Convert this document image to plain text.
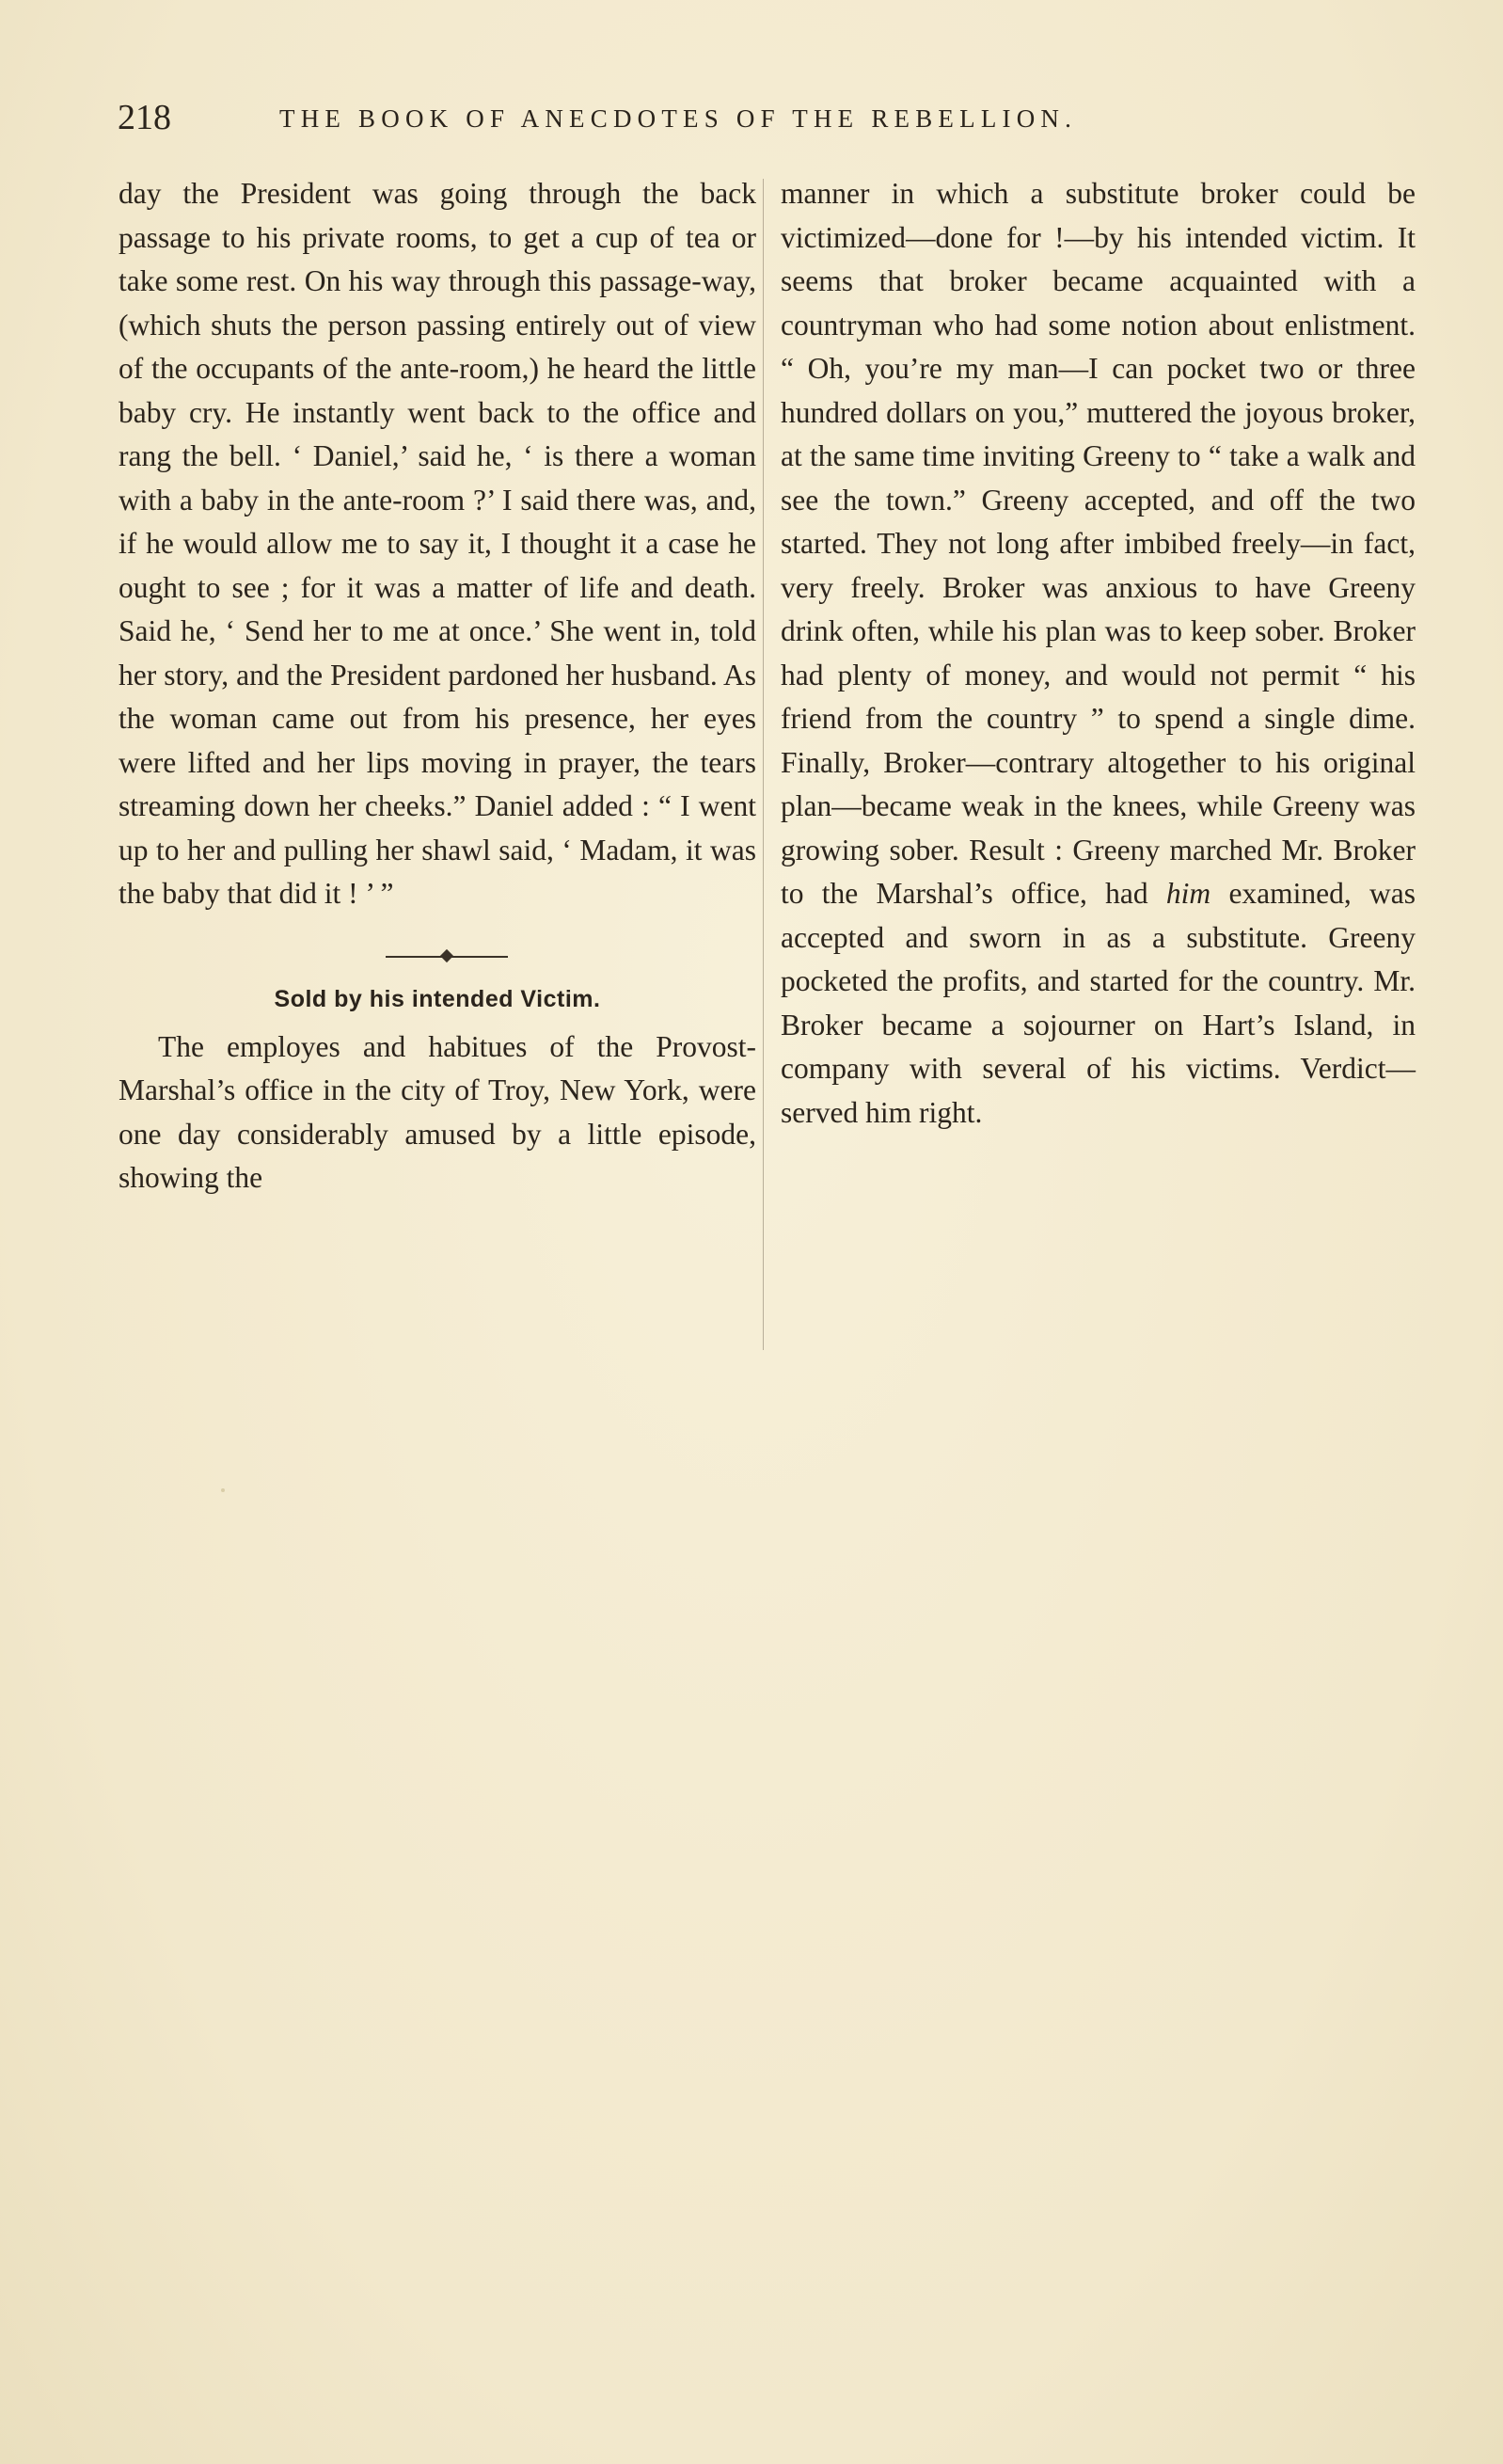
218	THE BOOK OF ANECDOTES OF THE REBELLION.

day the President was going through the back passage to his private rooms, to get a cup of tea or take some rest. On his way through this passage-way, (which shuts the person passing entirely out of view of the occupants of the ante-room,) he heard the little baby cry. He instantly went back to the office and rang the bell. ‘ Daniel,’ said he, ‘ is there a woman with a baby in the ante-room ?’ I said there was, and, if he would allow me to say it, I thought it a case he ought to see ; for it was a matter of life and death. Said he, ‘ Send her to me at once.’ She went in, told her story, and the President pardoned her husband. As the woman came out from his presence, her eyes were lifted and her lips moving in prayer, the tears streaming down her cheeks.” Daniel added : “ I went up to her and pulling her shawl said, ‘ Madam, it was the baby that did it ! ’ ”

Sold by his intended Victim.

The employes and habitues of the Provost-Marshal’s office in the city of Troy, New York, were one day considerably amused by a little episode, showing the

manner in which a substitute broker could be victimized—done for !—by his intended victim. It seems that broker became acquainted with a countryman who had some notion about enlistment. “ Oh, you’re my man—I can pocket two or three hundred dollars on you,” muttered the joyous broker, at the same time inviting Greeny to “ take a walk and see the town.” Greeny accepted, and off the two started. They not long after imbibed freely—in fact, very freely. Broker was anxious to have Greeny drink often, while his plan was to keep sober. Broker had plenty of money, and would not permit “ his friend from the country ” to spend a single dime. Finally, Broker—contrary altogether to his original plan—became weak in the knees, while Greeny was growing sober. Result : Greeny marched Mr. Broker to the Marshal’s office, had him examined, was accepted and sworn in as a substitute. Greeny pocketed the profits, and started for the country. Mr. Broker became a sojourner on Hart’s Island, in company with several of his victims. Verdict—served him right.
